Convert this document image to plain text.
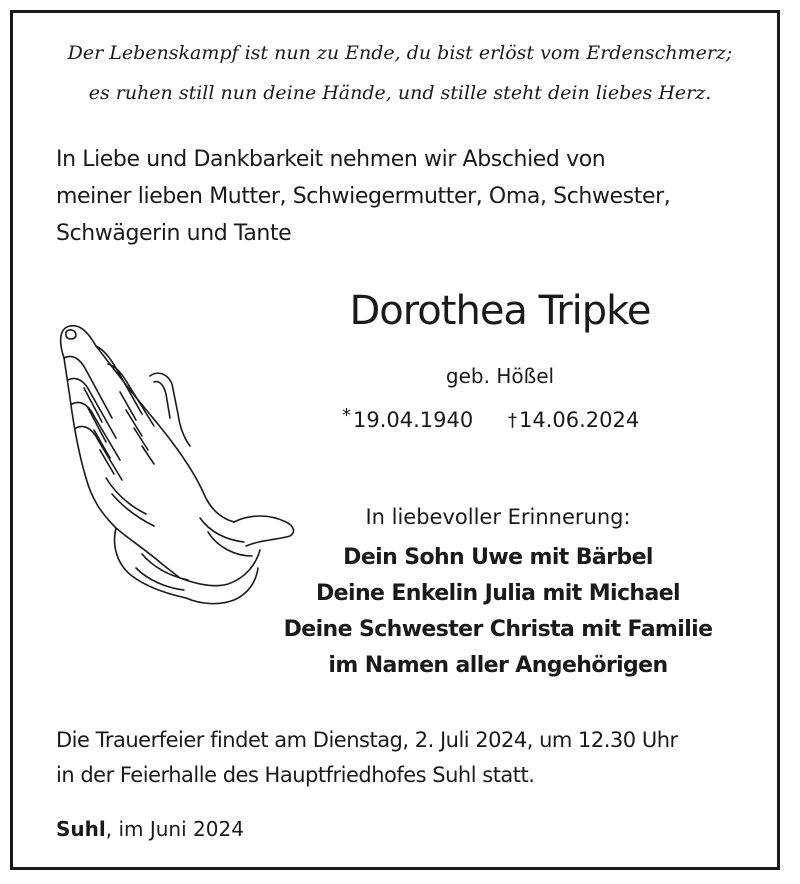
Der Lebenskampf ist nun zu Ende, du bist erlöst vom Erdenschmerz;
es ruhen still nun deine Hände, und stille steht dein liebes Herz.
In Liebe und Dankbarkeit nehmen wir Abschied von
meiner lieben Mutter, Schwiegermutter, Oma, Schwester,
Schwägerin und Tante
Dorothea Tripke
geb. Hößel
*19.04.1940 †14.06.2024
In liebevoller Erinnerung:
Dein Sohn Uwe mit Bärbel
Deine Enkelin Julia mit Michael
Deine Schwester Christa mit Familie
im Namen aller Angehörigen
Die Trauerfeier findet am Dienstag, 2. Juli 2024, um 12.30 Uhr
in der Feierhalle des Hauptfriedhofes Suhl statt.
Suhl, im Juni 2024
